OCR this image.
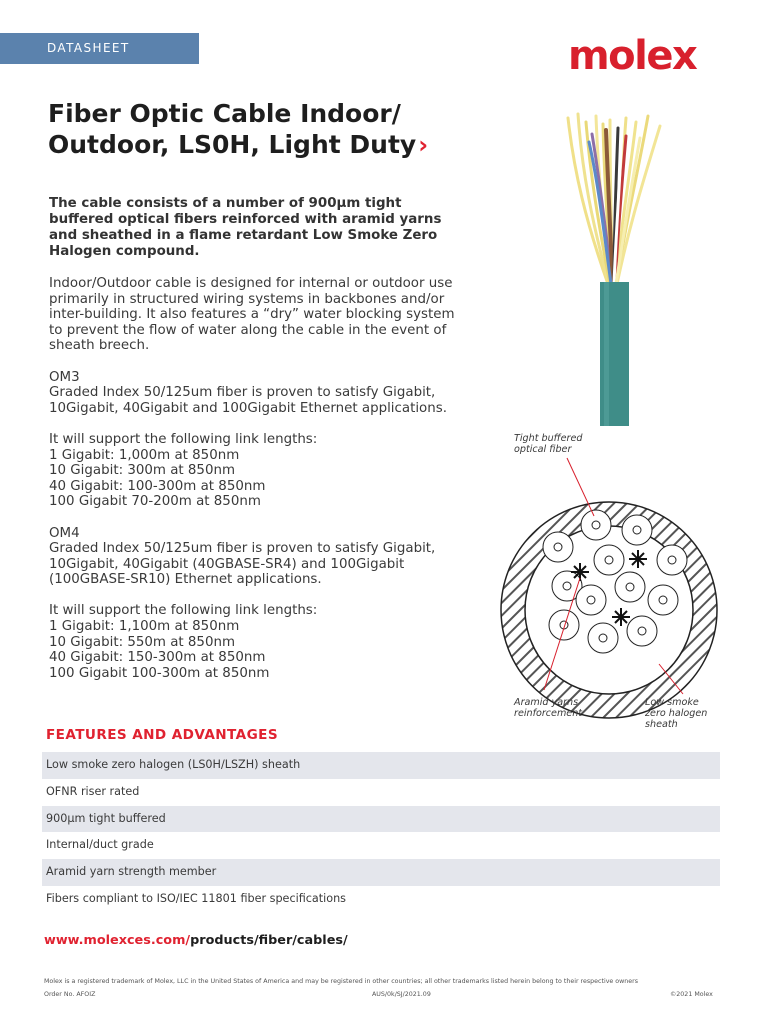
DATASHEET	molex
Fiber Optic Cable Indoor/
Outdoor, LS0H, Light Duty›
The cable consists of a number of 900µm tight
buffered optical fibers reinforced with aramid yarns
and sheathed in a flame retardant Low Smoke Zero
Halogen compound.

Indoor/Outdoor cable is designed for internal or outdoor use
primarily in structured wiring systems in backbones and/or
inter-building. It also features a “dry” water blocking system
to prevent the flow of water along the cable in the event of
sheath breech.

OM3
Graded Index 50/125um fiber is proven to satisfy Gigabit,
10Gigabit, 40Gigabit and 100Gigabit Ethernet applications.

It will support the following link lengths:
1 Gigabit: 1,000m at 850nm
10 Gigabit: 300m at 850nm
40 Gigabit: 100-300m at 850nm
100 Gigabit 70-200m at 850nm

OM4
Graded Index 50/125um fiber is proven to satisfy Gigabit,
10Gigabit, 40Gigabit (40GBASE-SR4) and 100Gigabit
(100GBASE-SR10) Ethernet applications.

It will support the following link lengths:
1 Gigabit: 1,100m at 850nm
10 Gigabit: 550m at 850nm
40 Gigabit: 150-300m at 850nm
100 Gigabit 100-300m at 850nm

Tight buffered
optical fiber
Aramid yarns
reinforcement
Low smoke
zero halogen
sheath
FEATURES AND ADVANTAGES
Low smoke zero halogen (LS0H/LSZH) sheath
OFNR riser rated
900µm tight buffered
Internal/duct grade
Aramid yarn strength member
Fibers compliant to ISO/IEC 11801 fiber specifications
www.molexces.com/products/fiber/cables/
Molex is a registered trademark of Molex, LLC in the United States of America and may be registered in other countries; all other trademarks listed herein belong to their respective owners
Order No. AFOIZ	AUS/0k/SJ/2021.09	©2021 Molex
